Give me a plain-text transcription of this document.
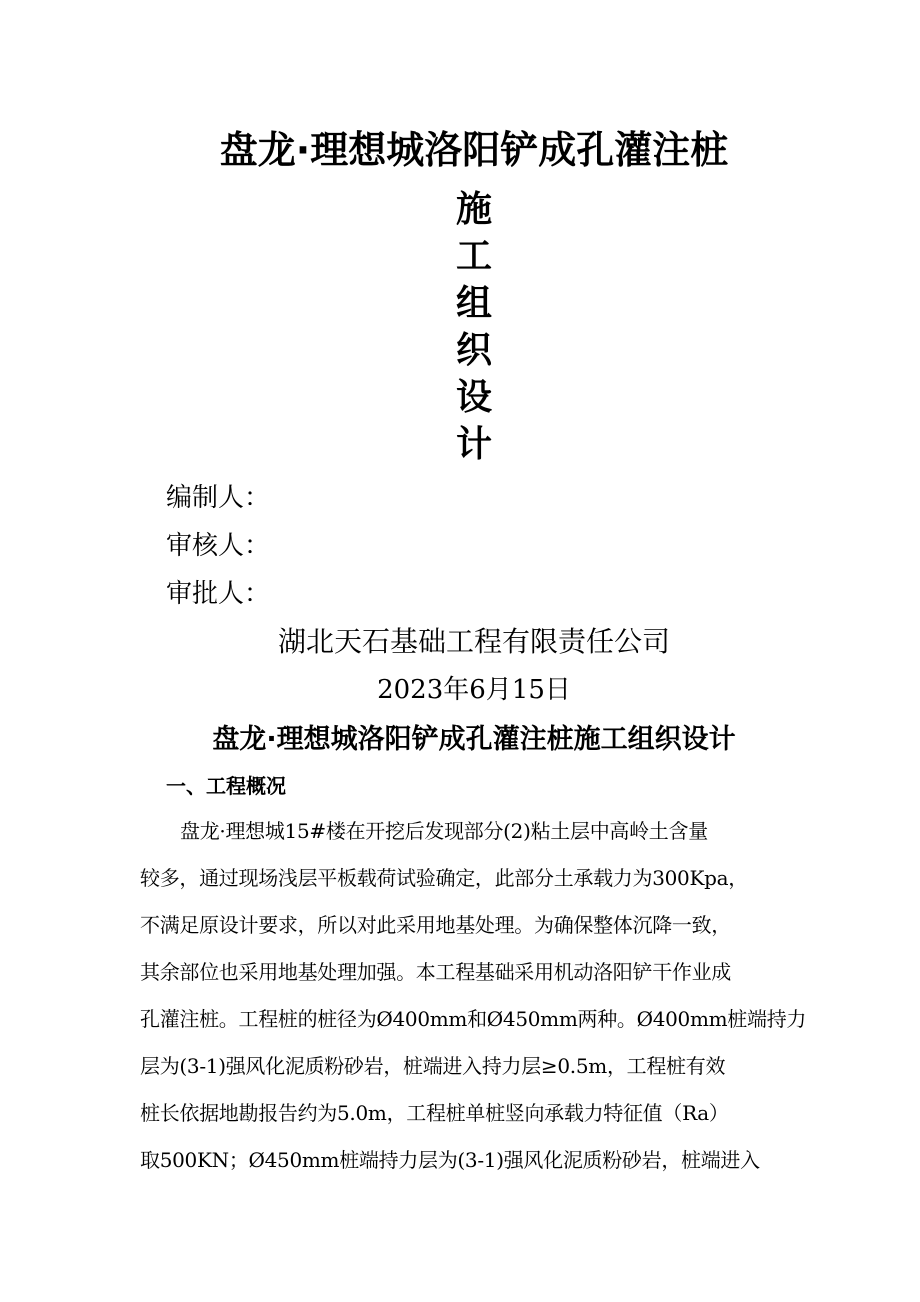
盘龙·理想城洛阳铲成孔灌注桩
施
工
组
织
设
计
编制人：
审核人：
审批人：

湖北天石基础工程有限责任公司

2023年6月15日

盘龙·理想城洛阳铲成孔灌注桩施工组织设计
一、工程概况
盘龙·理想城15#楼在开挖后发现部分(2)粘土层中高岭土含量
较多，通过现场浅层平板载荷试验确定，此部分土承载力为300Kpa，
不满足原设计要求，所以对此采用地基处理。为确保整体沉降一致，
其余部位也采用地基处理加强。本工程基础采用机动洛阳铲干作业成
孔灌注桩。工程桩的桩径为Ø400mm和Ø450mm两种。Ø400mm桩端持力
层为(3-1)强风化泥质粉砂岩，桩端进入持力层≥0.5m，工程桩有效
桩长依据地勘报告约为5.0m，工程桩单桩竖向承载力特征值（Ra）
取500KN；Ø450mm桩端持力层为(3-1)强风化泥质粉砂岩，桩端进入
